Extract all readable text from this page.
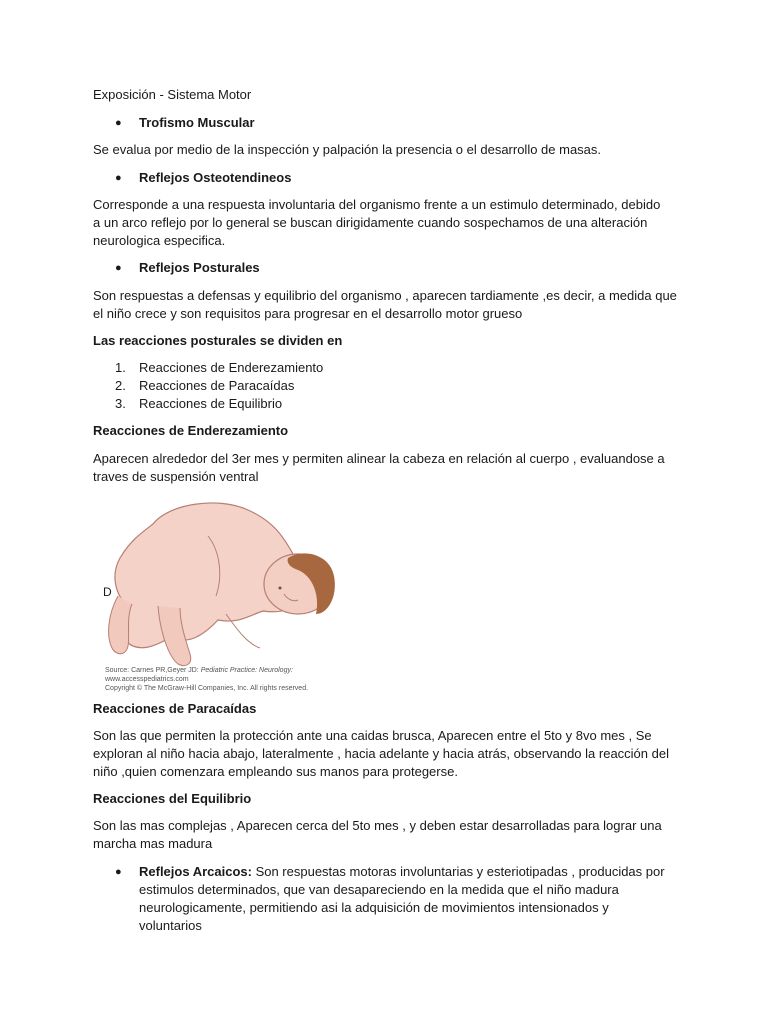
Exposición - Sistema Motor
● Trofismo Muscular
Se evalua por medio de la inspección y palpación la presencia o el desarrollo de masas.
● Reflejos Osteotendineos
Corresponde a una respuesta involuntaria del organismo frente a un estimulo determinado, debido
a un arco reflejo por lo general se buscan dirigidamente cuando sospechamos de una alteración
neurologica especifica.
● Reflejos Posturales
Son respuestas a defensas y equilibrio del organismo , aparecen tardiamente ,es decir, a medida que
el niño crece y son requisitos para progresar en el desarrollo motor grueso
Las reacciones posturales se dividen en
1. Reacciones de Enderezamiento
2. Reacciones de Paracaídas
3. Reacciones de Equilibrio
Reacciones de Enderezamiento
Aparecen alrededor del 3er mes y permiten alinear la cabeza en relación al cuerpo , evaluandose a
traves de suspensión ventral
D
Source: Carnes PR,Geyer JD: Pediatric Practice: Neurology:
www.accesspediatrics.com
Copyright © The McGraw-Hill Companies, Inc. All rights reserved.
Reacciones de Paracaídas
Son las que permiten la protección ante una caidas brusca, Aparecen entre el 5to y 8vo mes , Se
exploran al niño hacia abajo, lateralmente , hacia adelante y hacia atrás, observando la reacción del
niño ,quien comenzara empleando sus manos para protegerse.
Reacciones del Equilibrio
Son las mas complejas , Aparecen cerca del 5to mes , y deben estar desarrolladas para lograr una
marcha mas madura
● Reflejos Arcaicos: Son respuestas motoras involuntarias y esteriotipadas , producidas por
estimulos determinados, que van desapareciendo en la medida que el niño madura
neurologicamente, permitiendo asi la adquisición de movimientos intensionados y
voluntarios
